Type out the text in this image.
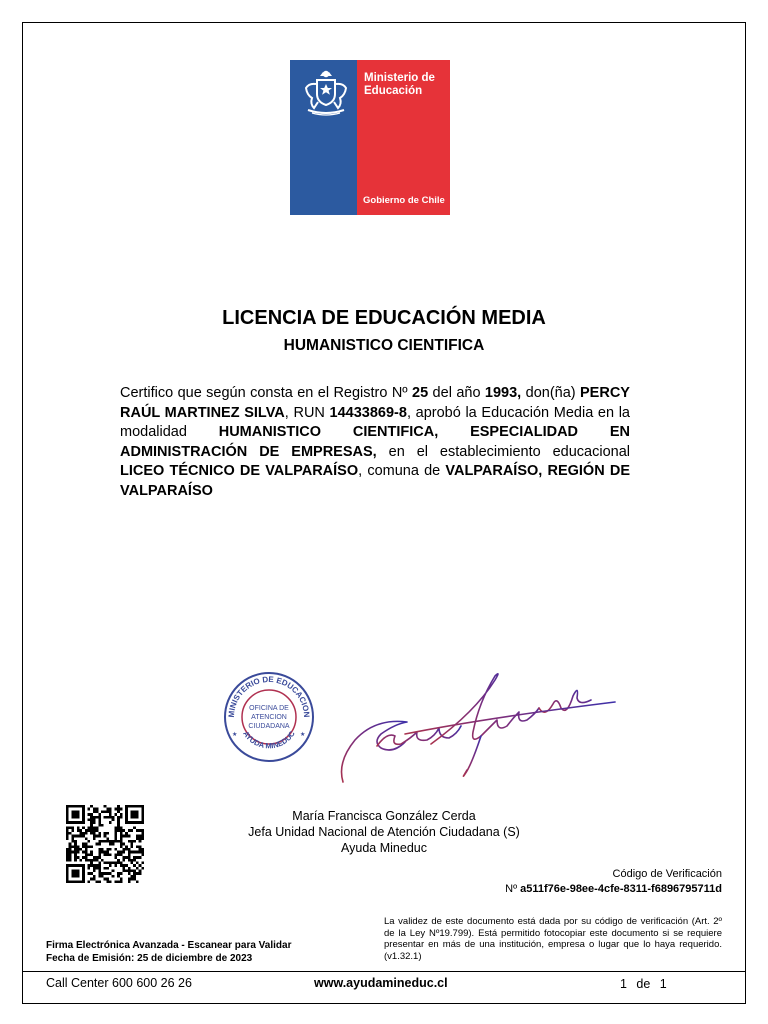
Ministerio de
Educación
Gobierno de Chile
LICENCIA DE EDUCACIÓN MEDIA
HUMANISTICO CIENTIFICA
Certifico que según consta en el Registro Nº 25 del año 1993, don(ña) PERCY RAÚL MARTINEZ SILVA, RUN 14433869-8, aprobó la Educación Media en la modalidad HUMANISTICO CIENTIFICA, ESPECIALIDAD EN ADMINISTRACIÓN DE EMPRESAS, en el establecimiento educacional LICEO TÉCNICO DE VALPARAÍSO, comuna de VALPARAÍSO, REGIÓN DE VALPARAÍSO
MINISTERIO DE EDUCACION
AYUDA MINEDUC
OFICINA DE
ATENCION
CIUDADANA
★	★
María Francisca González Cerda
Jefa Unidad Nacional de Atención Ciudadana (S)
Ayuda Mineduc
Código de Verificación
Nº a511f76e-98ee-4cfe-8311-f6896795711d
La validez de este documento está dada por su código de verificación (Art. 2º de la Ley Nº19.799). Está permitido fotocopiar este documento si se requiere presentar en más de una institución, empresa o lugar que lo haya requerido. (v1.32.1)
Firma Electrónica Avanzada - Escanear para Validar
Fecha de Emisión: 25 de diciembre de 2023
Call Center 600 600 26 26	www.ayudamineduc.cl	1 de 1
